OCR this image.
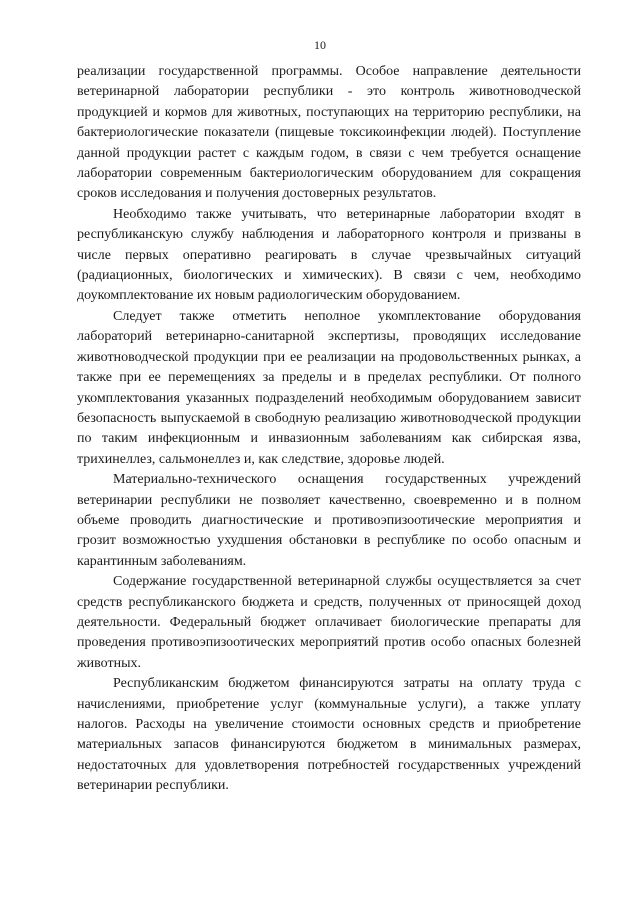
10

реализации государственной программы. Особое направление деятельности ветеринарной лаборатории республики - это контроль животноводческой продукцией и кормов для животных, поступающих на территорию республики, на бактериологические показатели (пищевые токсикоинфекции людей). Поступление данной продукции растет с каждым годом, в связи с чем требуется оснащение лаборатории современным бактериологическим оборудованием для сокращения сроков исследования и получения достоверных результатов.

Необходимо также учитывать, что ветеринарные лаборатории входят в республиканскую службу наблюдения и лабораторного контроля и призваны в числе первых оперативно реагировать в случае чрезвычайных ситуаций (радиационных, биологических и химических). В связи с чем, необходимо доукомплектование их новым радиологическим оборудованием.

Следует также отметить неполное укомплектование оборудования лабораторий ветеринарно-санитарной экспертизы, проводящих исследование животноводческой продукции при ее реализации на продовольственных рынках, а также при ее перемещениях за пределы и в пределах республики. От полного укомплектования указанных подразделений необходимым оборудованием зависит безопасность выпускаемой в свободную реализацию животноводческой продукции по таким инфекционным и инвазионным заболеваниям как сибирская язва, трихинеллез, сальмонеллез и, как следствие, здоровье людей.

Материально-технического оснащения государственных учреждений ветеринарии республики не позволяет качественно, своевременно и в полном объеме проводить диагностические и противоэпизоотические мероприятия и грозит возможностью ухудшения обстановки в республике по особо опасным и карантинным заболеваниям.

Содержание государственной ветеринарной службы осуществляется за счет средств республиканского бюджета и средств, полученных от приносящей доход деятельности. Федеральный бюджет оплачивает биологические препараты для проведения противоэпизоотических мероприятий против особо опасных болезней животных.

Республиканским бюджетом финансируются затраты на оплату труда с начислениями, приобретение услуг (коммунальные услуги), а также уплату налогов. Расходы на увеличение стоимости основных средств и приобретение материальных запасов финансируются бюджетом в минимальных размерах, недостаточных для удовлетворения потребностей государственных учреждений ветеринарии республики.
